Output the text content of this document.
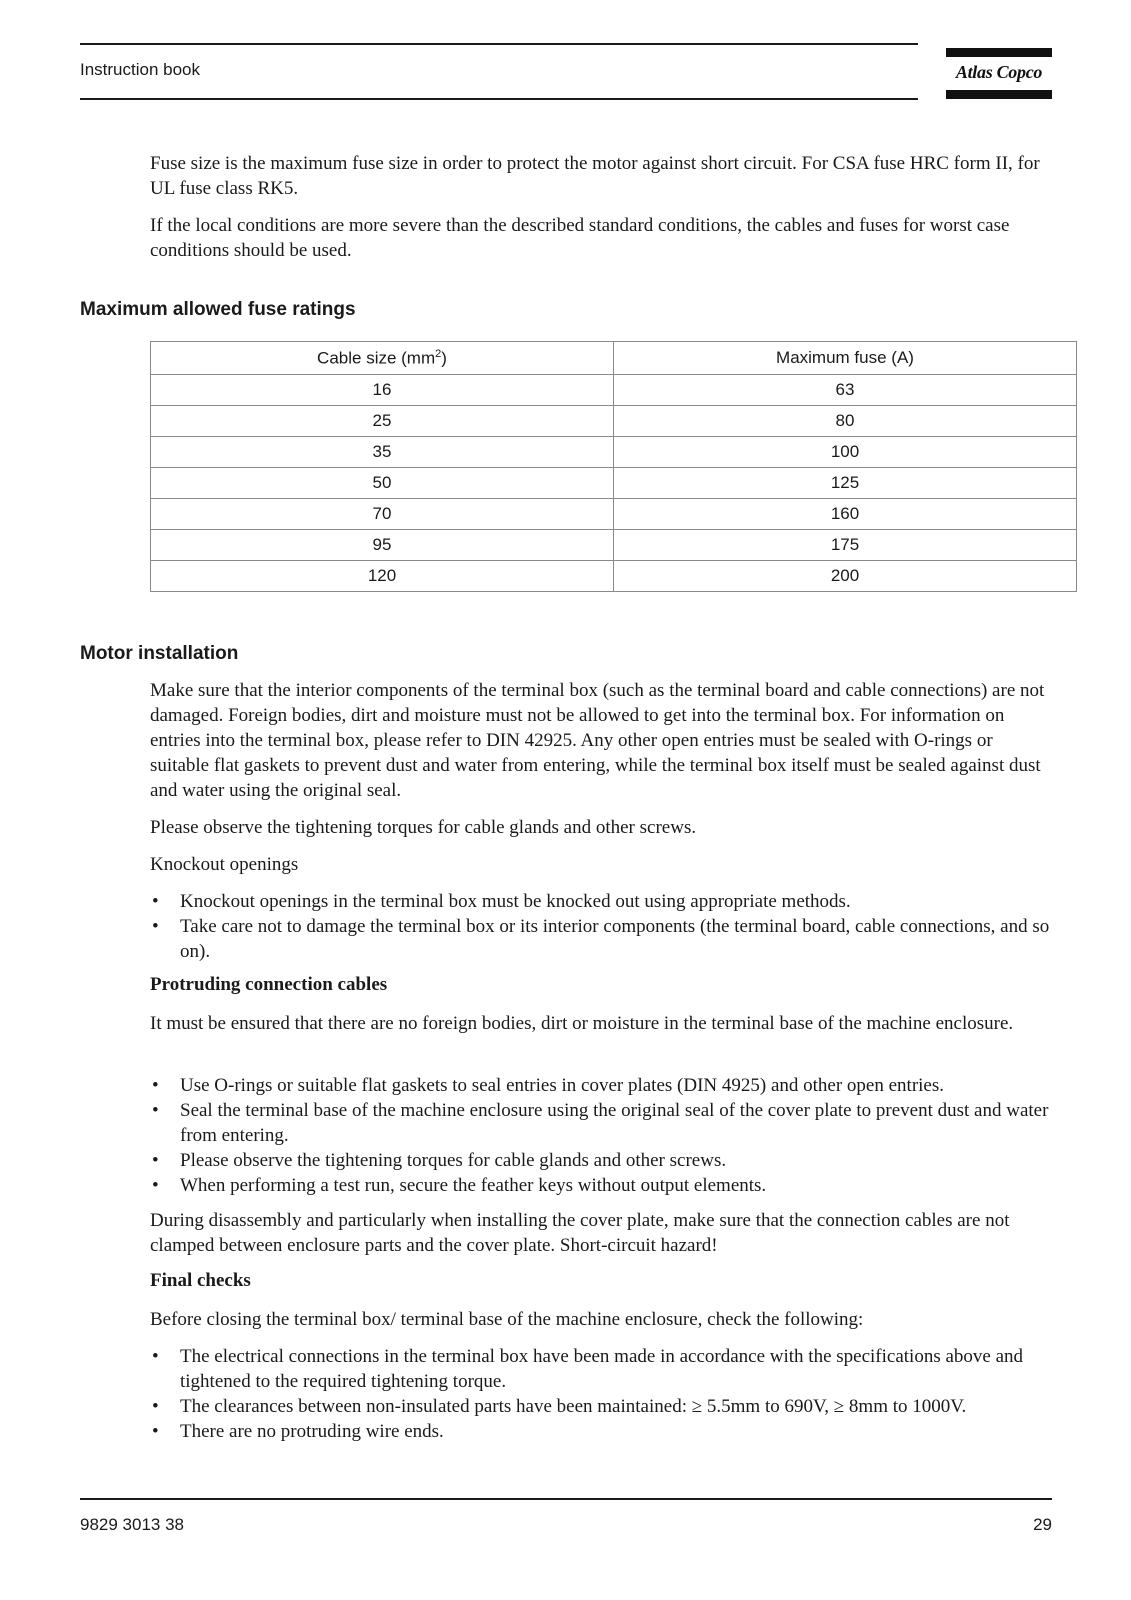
Instruction book	Atlas Copco

Fuse size is the maximum fuse size in order to protect the motor against short circuit. For CSA fuse HRC form II, for UL fuse class RK5.

If the local conditions are more severe than the described standard conditions, the cables and fuses for worst case conditions should be used.

Maximum allowed fuse ratings
Cable size $(mm^2)$	Maximum fuse (A)
16	63
25	80
35	100
50	125
70	160
95	175
120	200
Motor installation

Make sure that the interior components of the terminal box (such as the terminal board and cable connections) are not damaged. Foreign bodies, dirt and moisture must not be allowed to get into the terminal box. For information on entries into the terminal box, please refer to DIN 42925. Any other open entries must be sealed with O-rings or suitable flat gaskets to prevent dust and water from entering, while the terminal box itself must be sealed against dust and water using the original seal.

Please observe the tightening torques for cable glands and other screws.

Knockout openings

• Knockout openings in the terminal box must be knocked out using appropriate methods.
• Take care not to damage the terminal box or its interior components (the terminal board, cable connections, and so on).
Protruding connection cables

It must be ensured that there are no foreign bodies, dirt or moisture in the terminal base of the machine enclosure.

• Use O-rings or suitable flat gaskets to seal entries in cover plates (DIN 4925) and other open entries.
• Seal the terminal base of the machine enclosure using the original seal of the cover plate to prevent dust and water from entering.
• Please observe the tightening torques for cable glands and other screws.
• When performing a test run, secure the feather keys without output elements.

During disassembly and particularly when installing the cover plate, make sure that the connection cables are not clamped between enclosure parts and the cover plate. Short-circuit hazard!

Final checks

Before closing the terminal box/ terminal base of the machine enclosure, check the following:

• The electrical connections in the terminal box have been made in accordance with the specifications above and tightened to the required tightening torque.
• The clearances between non-insulated parts have been maintained: ≥ 5.5mm to 690V, ≥ 8mm to 1000V.
• There are no protruding wire ends.
9829 3013 38	29
